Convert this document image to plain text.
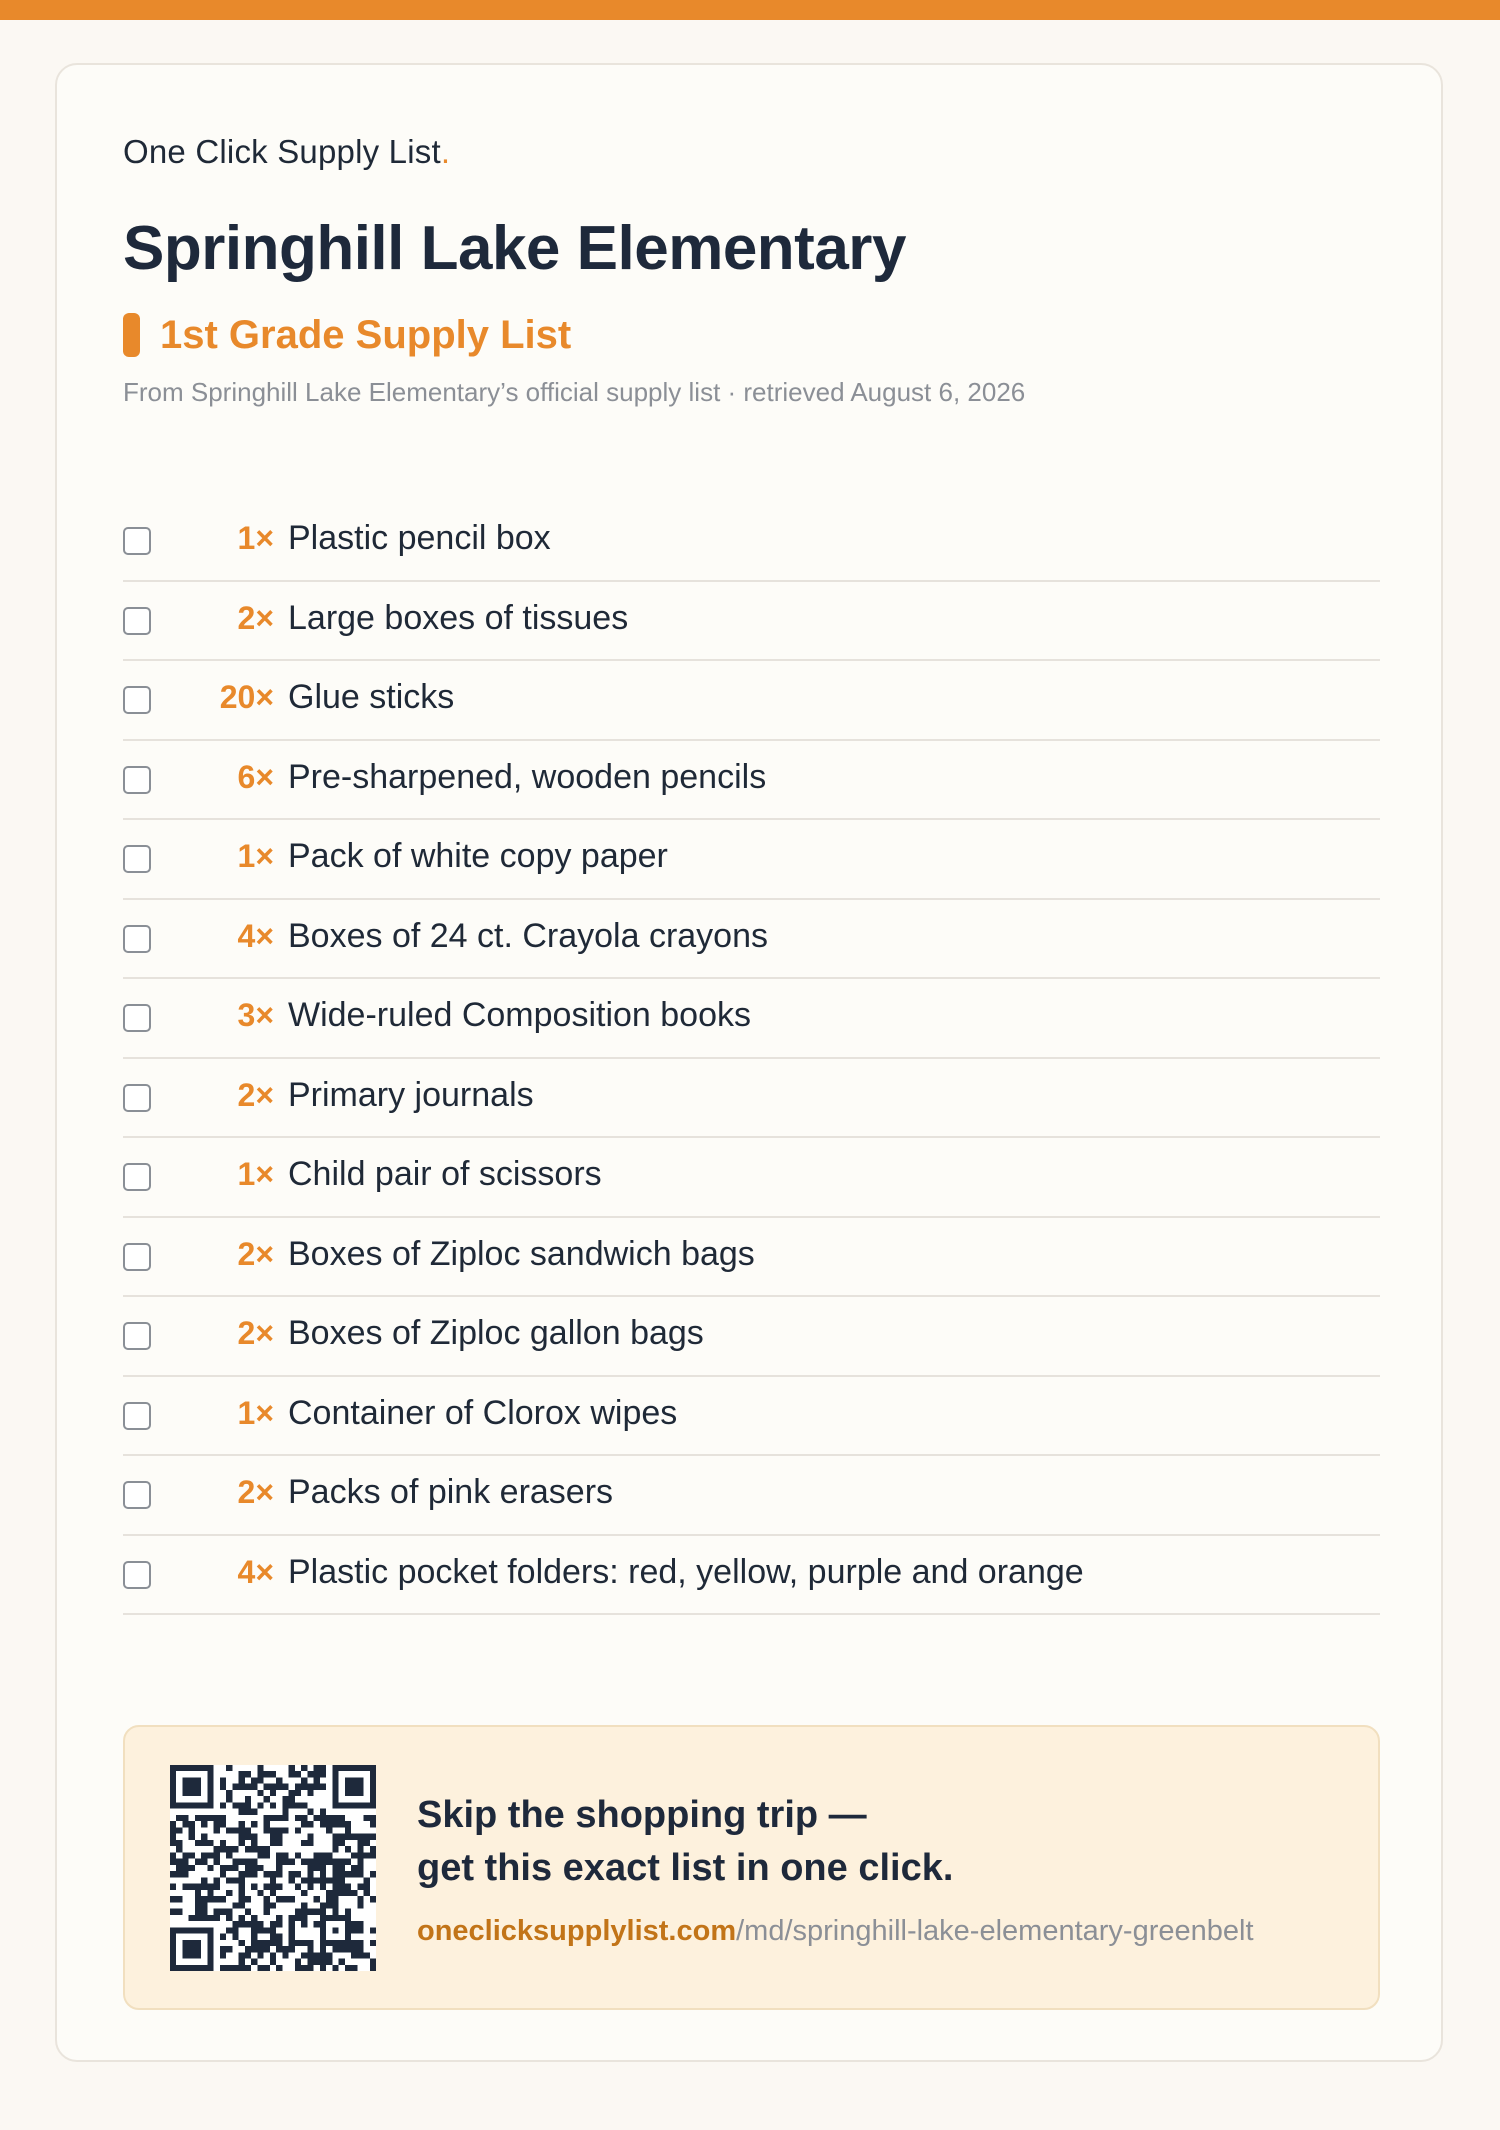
One Click Supply List.
Springhill Lake Elementary
1st Grade Supply List
From Springhill Lake Elementary’s official supply list · retrieved August 6, 2026
1× Plastic pencil box
2× Large boxes of tissues
20× Glue sticks
6× Pre-sharpened, wooden pencils
1× Pack of white copy paper
4× Boxes of 24 ct. Crayola crayons
3× Wide-ruled Composition books
2× Primary journals
1× Child pair of scissors
2× Boxes of Ziploc sandwich bags
2× Boxes of Ziploc gallon bags
1× Container of Clorox wipes
2× Packs of pink erasers
4× Plastic pocket folders: red, yellow, purple and orange
Skip the shopping trip —
get this exact list in one click.
oneclicksupplylist.com/md/springhill-lake-elementary-greenbelt
